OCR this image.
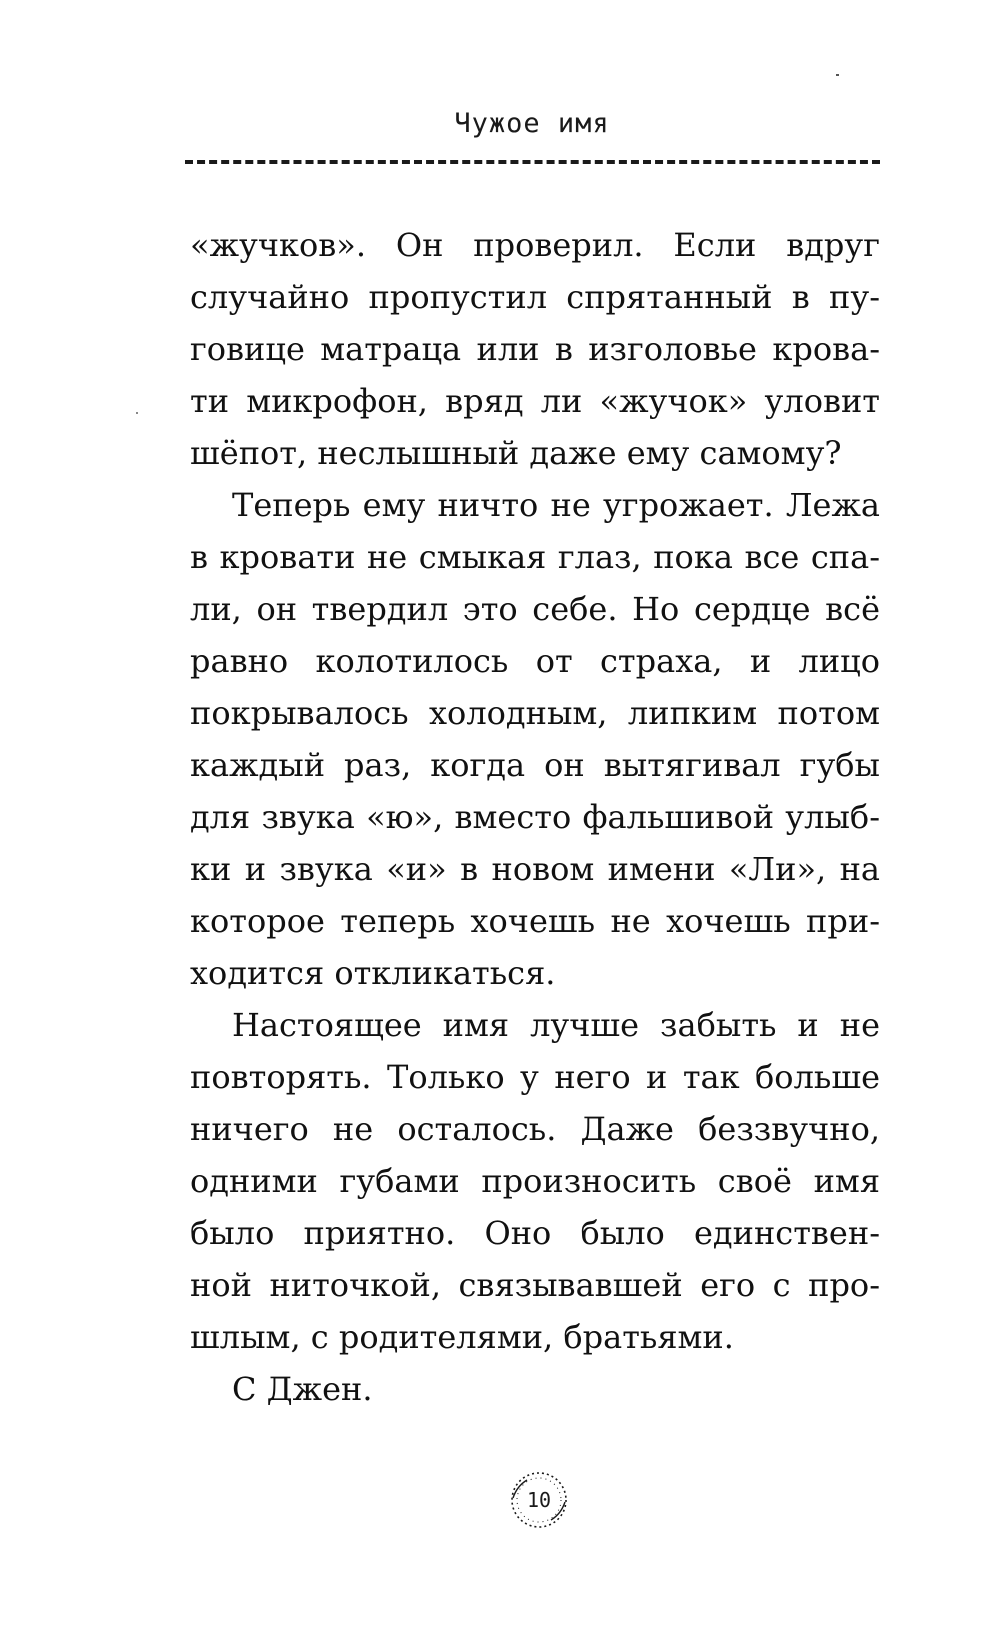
Чужое имя
«жучков». Он проверил. Если вдруг
случайно пропустил спрятанный в пу-
говице матраца или в изголовье крова-
ти микрофон, вряд ли «жучок» уловит
шёпот, неслышный даже ему самому?
Теперь ему ничто не угрожает. Лежа
в кровати не смыкая глаз, пока все спа-
ли, он твердил это себе. Но сердце всё
равно колотилось от страха, и лицо
покрывалось холодным, липким потом
каждый раз, когда он вытягивал губы
для звука «ю», вместо фальшивой улыб-
ки и звука «и» в новом имени «Ли», на
которое теперь хочешь не хочешь при-
ходится откликаться.
Настоящее имя лучше забыть и не
повторять. Только у него и так больше
ничего не осталось. Даже беззвучно,
одними губами произносить своё имя
было приятно. Оно было единствен-
ной ниточкой, связывавшей его с про-
шлым, с родителями, братьями.
С Джен.
10
